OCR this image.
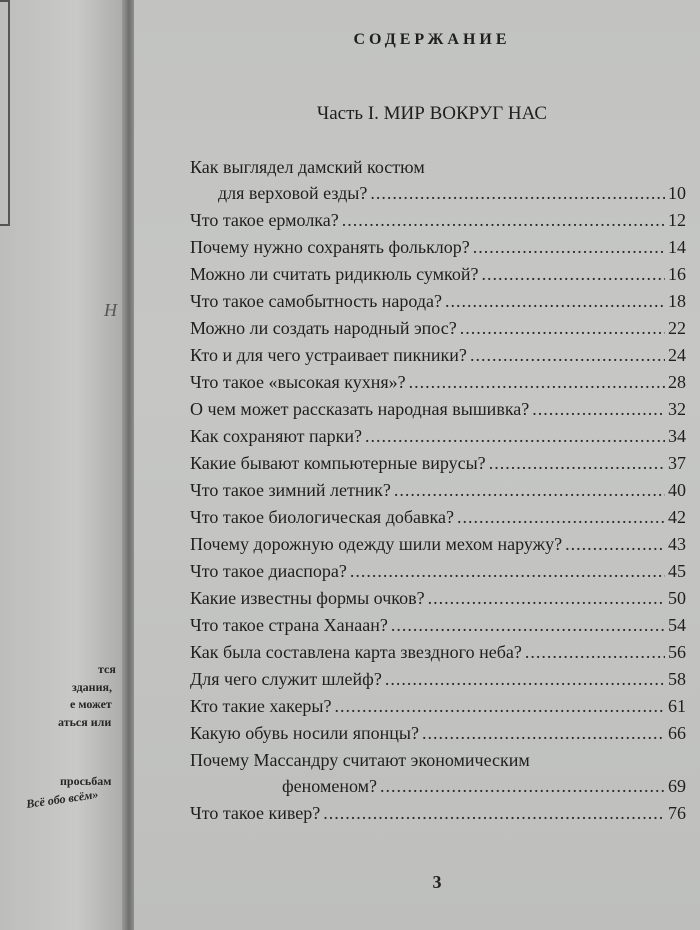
Н
тся
здания,
е может
аться или
просьбам
Всё обо всём»
СОДЕРЖАНИЕ
Часть I. МИР ВОКРУГ НАС
Как выглядел дамский костюм
для верховой езды? .....	10
Что такое ермолка? .....	12
Почему нужно сохранять фольклор? .....	14
Можно ли считать ридикюль сумкой? .....	16
Что такое самобытность народа? .....	18
Можно ли создать народный эпос? .....	22
Кто и для чего устраивает пикники? .....	24
Что такое «высокая кухня»? .....	28
О чем может рассказать народная вышивка? .....	32
Как сохраняют парки? .....	34
Какие бывают компьютерные вирусы? .....	37
Что такое зимний летник? .....	40
Что такое биологическая добавка? .....	42
Почему дорожную одежду шили мехом наружу? .....	43
Что такое диаспора? .....	45
Какие известны формы очков? .....	50
Что такое страна Ханаан? .....	54
Как была составлена карта звездного неба? .....	56
Для чего служит шлейф? .....	58
Кто такие хакеры? .....	61
Какую обувь носили японцы? .....	66
Почему Массандру считают экономическим
феноменом? .....	69
Что такое кивер? .....	76
3
